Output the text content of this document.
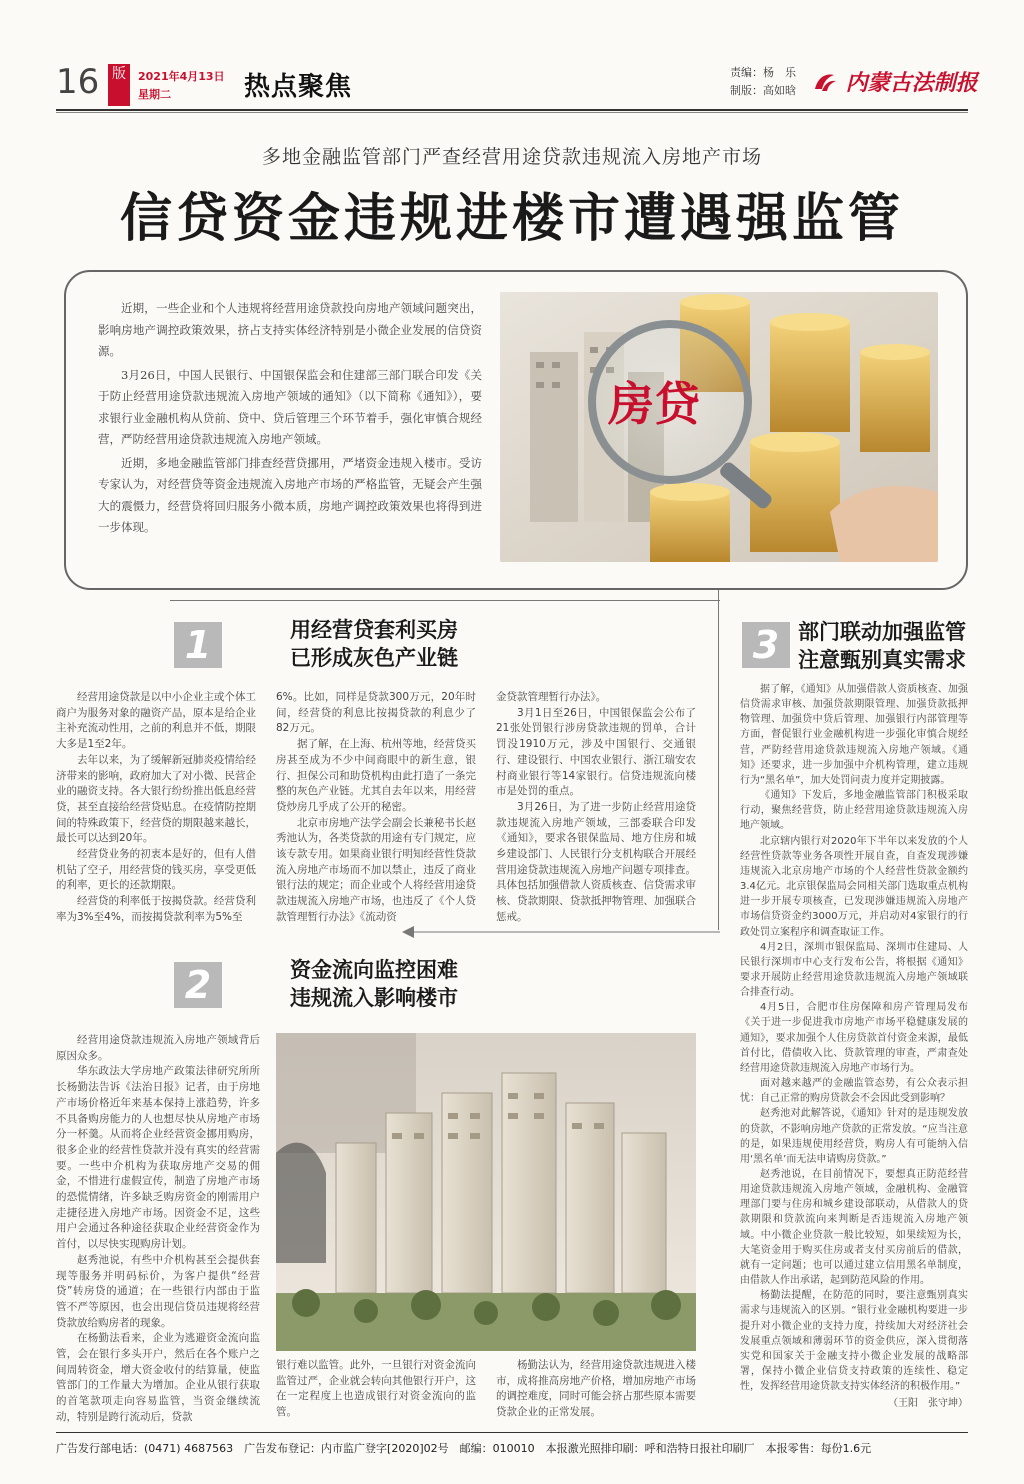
16 版	2021年4月13日
星期二	热点聚焦	责编：杨　乐
制版：高如晗	内蒙古法制报
多地金融监管部门严查经营用途贷款违规流入房地产市场
信贷资金违规进楼市遭遇强监管

近期，一些企业和个人违规将经营用途贷款投向房地产领域问题突出，影响房地产调控政策效果，挤占支持实体经济特别是小微企业发展的信贷资源。

3月26日，中国人民银行、中国银保监会和住建部三部门联合印发《关于防止经营用途贷款违规流入房地产领域的通知》（以下简称《通知》），要求银行业金融机构从贷前、贷中、贷后管理三个环节着手，强化审慎合规经营，严防经营用途贷款违规流入房地产领域。

近期，多地金融监管部门排查经营贷挪用，严堵资金违规入楼市。受访专家认为，对经营贷等资金违规流入房地产市场的严格监管，无疑会产生强大的震慑力，经营贷将回归服务小微本质，房地产调控政策效果也将得到进一步体现。

房贷
1	用经营贷套利买房
已形成灰色产业链

经营用途贷款是以中小企业主或个体工商户为服务对象的融资产品，原本是给企业主补充流动性用，之前的利息并不低，期限大多是1至2年。

去年以来，为了缓解新冠肺炎疫情给经济带来的影响，政府加大了对小微、民营企业的融资支持。各大银行纷纷推出低息经营贷，甚至直接给经营贷贴息。在疫情防控期间的特殊政策下，经营贷的期限越来越长，最长可以达到20年。

经营贷业务的初衷本是好的，但有人借机钻了空子，用经营贷的钱买房，享受更低的利率，更长的还款期限。

经营贷的利率低于按揭贷款。经营贷利率为3%至4%，而按揭贷款利率为5%至

6%。比如，同样是贷款300万元，20年时间，经营贷的利息比按揭贷款的利息少了82万元。

据了解，在上海、杭州等地，经营贷买房甚至成为不少中间商眼中的新生意，银行、担保公司和助贷机构由此打造了一条完整的灰色产业链。尤其自去年以来，用经营贷炒房几乎成了公开的秘密。

北京市房地产法学会副会长兼秘书长赵秀池认为，各类贷款的用途有专门规定，应该专款专用。如果商业银行明知经营性贷款流入房地产市场而不加以禁止，违反了商业银行法的规定；而企业或个人将经营用途贷款违规流入房地产市场，也违反了《个人贷款管理暂行办法》《流动资

金贷款管理暂行办法》。

3月1日至26日，中国银保监会公布了21张处罚银行涉房贷款违规的罚单，合计罚没1910万元，涉及中国银行、交通银行、建设银行、中国农业银行、浙江瑞安农村商业银行等14家银行。信贷违规流向楼市是处罚的重点。

3月26日，为了进一步防止经营用途贷款违规流入房地产领域，三部委联合印发《通知》，要求各银保监局、地方住房和城乡建设部门、人民银行分支机构联合开展经营用途贷款违规流入房地产问题专项排查。具体包括加强借款人资质核查、信贷需求审核、贷款期限、贷款抵押物管理、加强联合惩戒。

2	资金流向监控困难
违规流入影响楼市

经营用途贷款违规流入房地产领域背后原因众多。

华东政法大学房地产政策法律研究所所长杨勤法告诉《法治日报》记者，由于房地产市场价格近年来基本保持上涨趋势，许多不具备购房能力的人也想尽快从房地产市场分一杯羹。从而将企业经营资金挪用购房，很多企业的经营性贷款并没有真实的经营需要。一些中介机构为获取房地产交易的佣金，不惜进行虚假宣传，制造了房地产市场的恐慌情绪，许多缺乏购房资金的刚需用户走捷径进入房地产市场。因资金不足，这些用户会通过各种途径获取企业经营资金作为首付，以尽快实现购房计划。

赵秀池说，有些中介机构甚至会提供套现等服务并明码标价，为客户提供“经营贷”转房贷的通道；在一些银行内部由于监管不严等原因，也会出现信贷员违规将经营贷款放给购房者的现象。

在杨勤法看来，企业为逃避资金流向监管，会在银行多头开户，然后在各个账户之间周转资金，增大资金收付的结算量，使监管部门的工作量大为增加。企业从银行获取的首笔款项走向容易监管，当资金继续流动，特别是跨行流动后，贷款

银行难以监管。此外，一旦银行对资金流向监管过严，企业就会转向其他银行开户，这在一定程度上也造成银行对资金流向的监管。

杨勤法认为，经营用途贷款违规进入楼市，成将推高房地产价格，增加房地产市场的调控难度，同时可能会挤占那些原本需要贷款企业的正常发展。

3 部门联动加强监管
注意甄别真实需求

据了解，《通知》从加强借款人资质核查、加强信贷需求审核、加强贷款期限管理、加强贷款抵押物管理、加强贷中贷后管理、加强银行内部管理等方面，督促银行业金融机构进一步强化审慎合规经营，严防经营用途贷款违规流入房地产领域。《通知》还要求，进一步加强中介机构管理，建立违规行为“黑名单”，加大处罚问责力度并定期披露。

《通知》下发后，多地金融监管部门积极采取行动，聚焦经营贷，防止经营用途贷款违规流入房地产领域。

北京辖内银行对2020年下半年以来发放的个人经营性贷款等业务各项性开展自查，自查发现涉嫌违规流入北京房地产市场的个人经营性贷款金额约3.4亿元。北京银保监局会同相关部门选取重点机构进一步开展专项核查，已发现涉嫌违规流入房地产市场信贷资金约3000万元，并启动对4家银行的行政处罚立案程序和调查取证工作。

4月2日，深圳市银保监局、深圳市住建局、人民银行深圳市中心支行发布公告，将根据《通知》要求开展防止经营用途贷款违规流入房地产领域联合排查行动。

4月5日，合肥市住房保障和房产管理局发布《关于进一步促进我市房地产市场平稳健康发展的通知》，要求加强个人住房贷款首付资金来源，最低首付比，借债收入比、贷款管理的审查，严肃查处经营用途贷款违规流入房地产市场行为。

面对越来越严的金融监管态势，有公众表示担忧：自己正常的购房贷款会不会因此受到影响？

赵秀池对此解答说，《通知》针对的是违规发放的贷款，不影响房地产贷款的正常发放。“应当注意的是，如果违规使用经营贷，购房人有可能纳入信用‘黑名单’而无法申请购房贷款。”

赵秀池说，在目前情况下，要想真正防范经营用途贷款违规流入房地产领域，金融机构、金融管理部门要与住房和城乡建设部联动，从借款人的贷款期限和贷款流向来判断是否违规流入房地产领域。中小微企业贷款一般比较短，如果续短为长，大笔资金用于购买住房或者支付买房前后的借款，就有一定问题；也可以通过建立信用黑名单制度，由借款人作出承诺，起到防范风险的作用。

杨勤法提醒，在防范的同时，要注意甄别真实需求与违规流入的区别。“银行业金融机构要进一步提升对小微企业的支持力度，持续加大对经济社会发展重点领域和薄弱环节的资金供应，深入贯彻落实党和国家关于金融支持小微企业发展的战略部署，保持小微企业信贷支持政策的连续性、稳定性，发挥经营用途贷款支持实体经济的积极作用。”

（王阳　张守坤）
广告发行部电话：(0471) 4687563　广告发布登记：内市监广登字[2020]02号　邮编：010010　本报激光照排印刷：呼和浩特日报社印刷厂　本报零售：每份1.6元
